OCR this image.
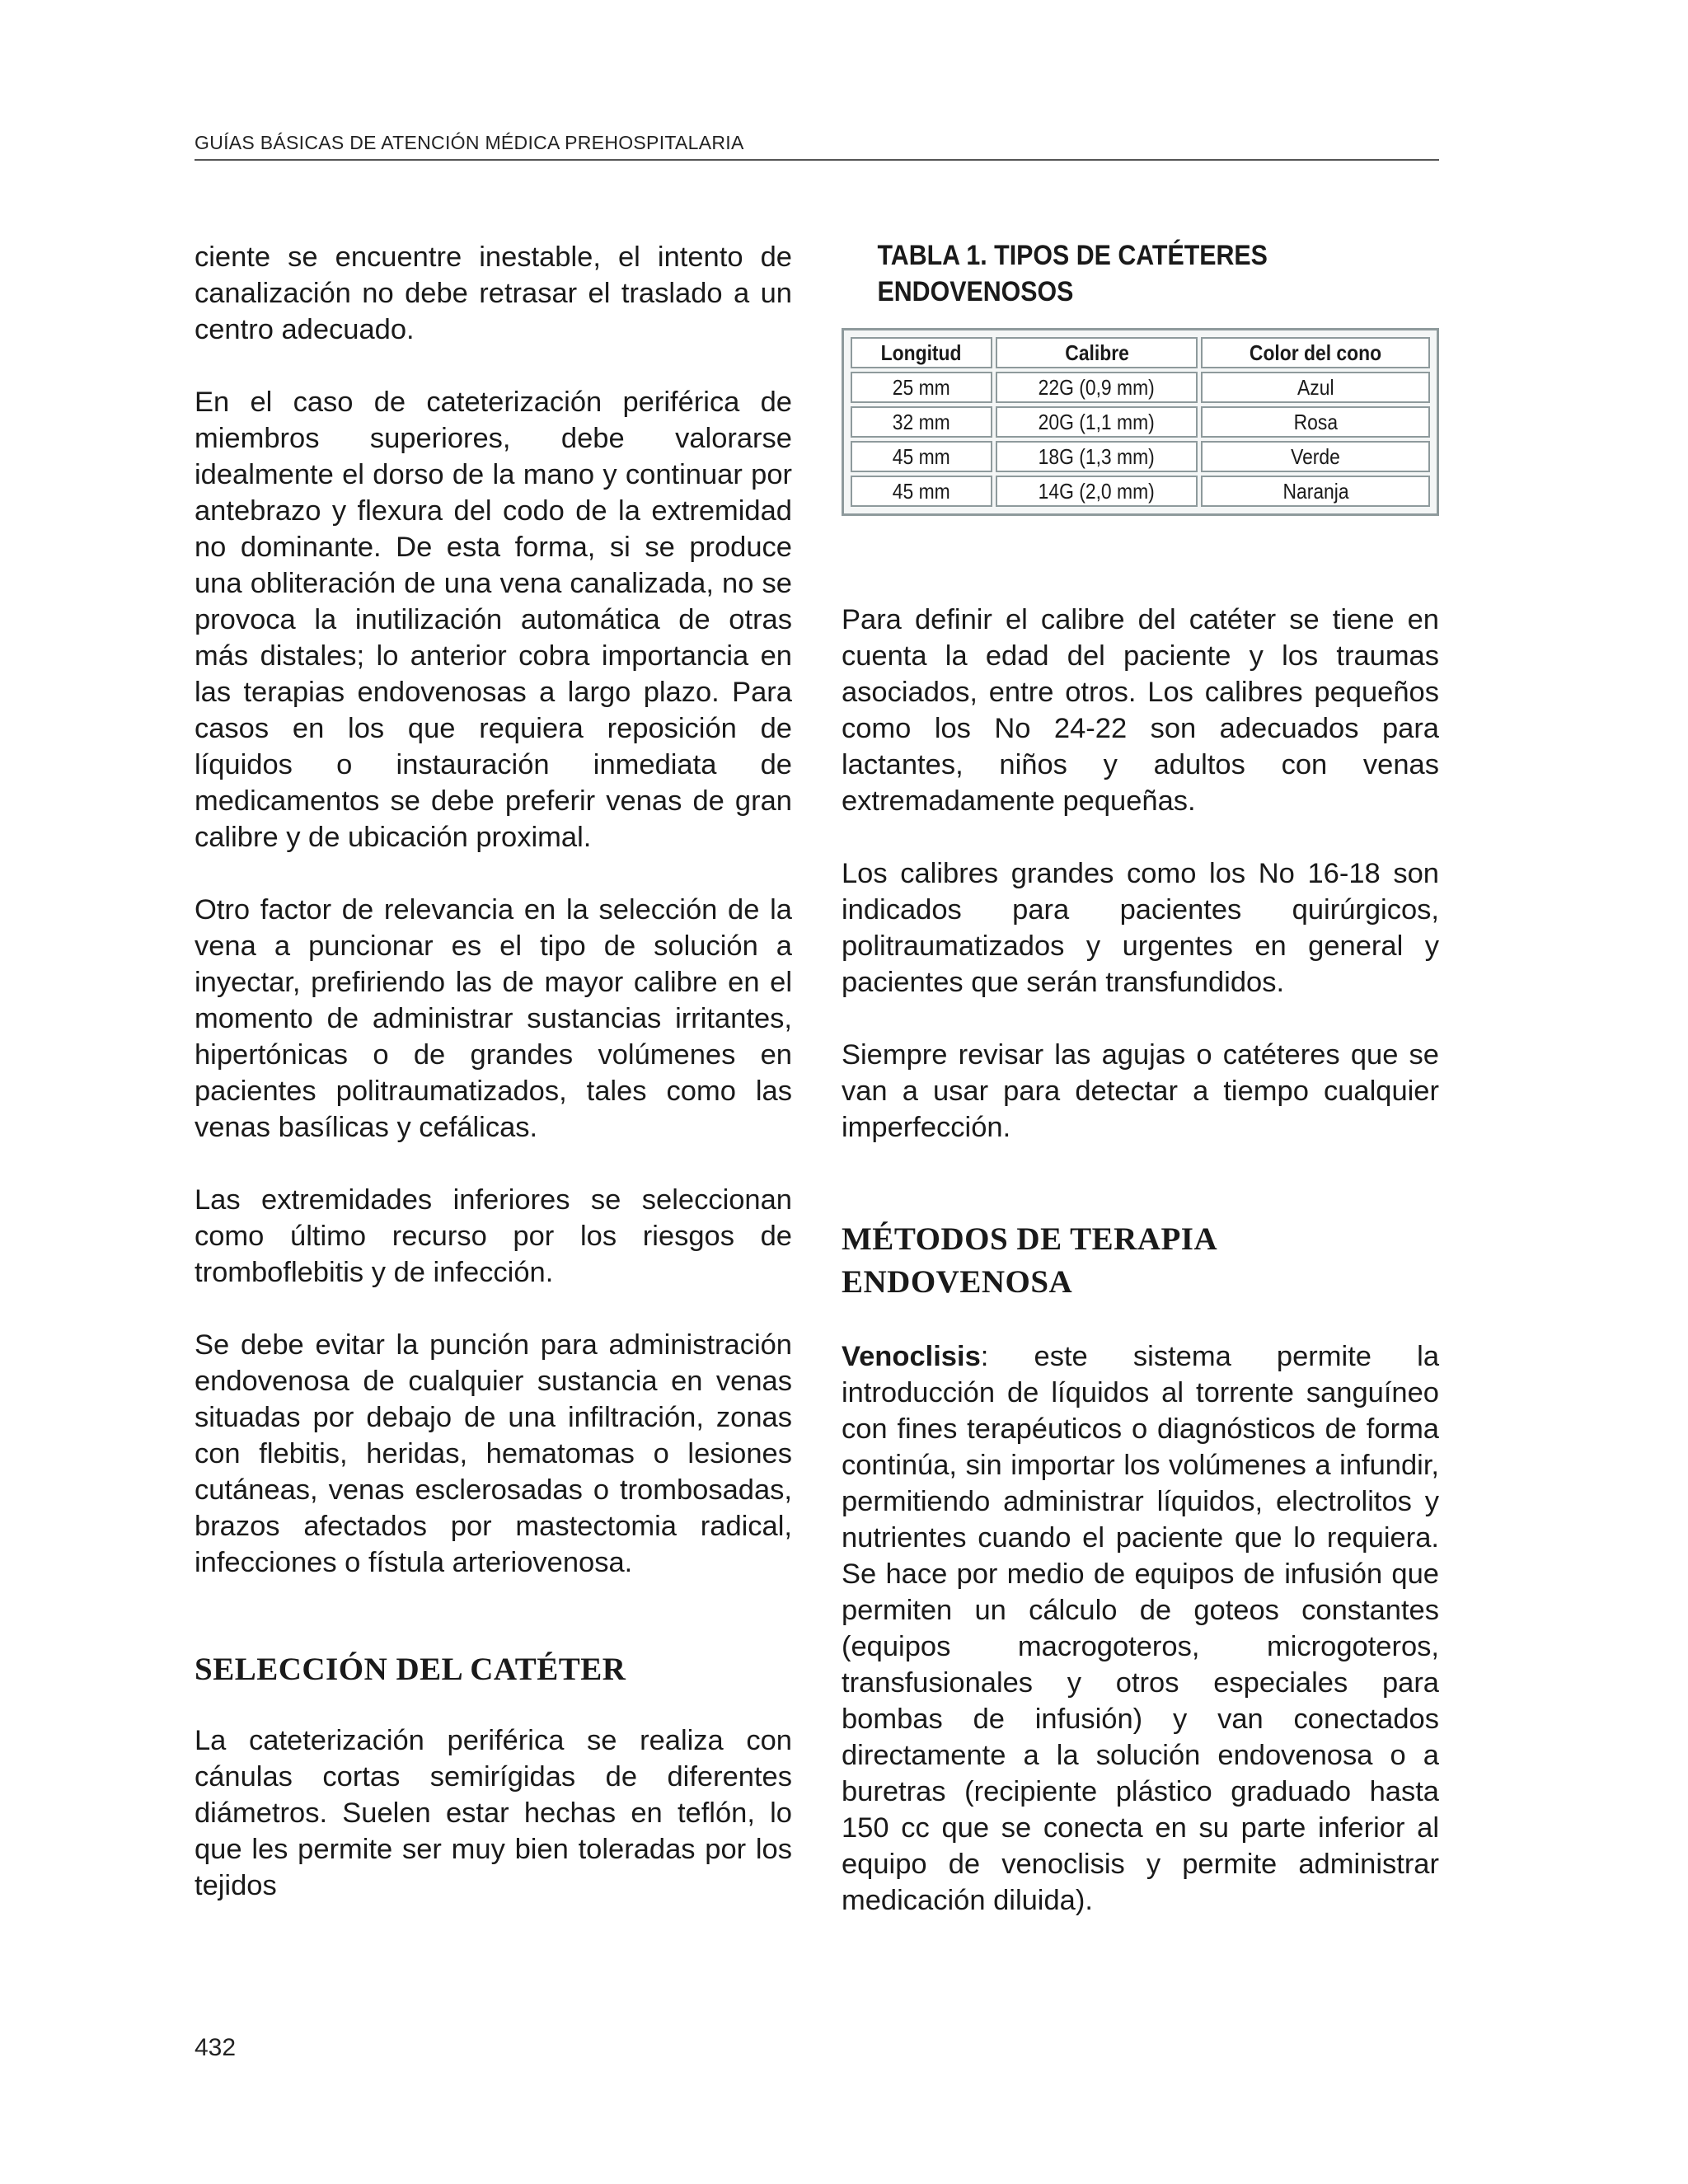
GUÍAS BÁSICAS DE ATENCIÓN MÉDICA PREHOSPITALARIA

ciente se encuentre inestable, el intento de canalización no debe retrasar el traslado a un centro adecuado.

En el caso de cateterización periférica de miembros superiores, debe valorarse idealmente el dorso de la mano y continuar por antebrazo y flexura del codo de la extremidad no dominante. De esta forma, si se produce una obliteración de una vena canalizada, no se provoca la inutilización automática de otras más distales; lo anterior cobra importancia en las terapias endovenosas a largo plazo. Para casos en los que requiera reposición de líquidos o instauración inmediata de medicamentos se debe preferir venas de gran calibre y de ubicación proximal.

Otro factor de relevancia en la selección de la vena a puncionar es el tipo de solución a inyectar, prefiriendo las de mayor calibre en el momento de administrar sustancias irritantes, hipertónicas o de grandes volúmenes en pacientes politraumatizados, tales como las venas basílicas y cefálicas.

Las extremidades inferiores se seleccionan como último recurso por los riesgos de tromboflebitis y de infección.

Se debe evitar la punción para administración endovenosa de cualquier sustancia en venas situadas por debajo de una infiltración, zonas con flebitis, heridas, hematomas o lesiones cutáneas, venas esclerosadas o trombosadas, brazos afectados por mastectomia radical, infecciones o fístula arteriovenosa.

SELECCIÓN DEL CATÉTER

La cateterización periférica se realiza con cánulas cortas semirígidas de diferentes diámetros. Suelen estar hechas en teflón, lo que les permite ser muy bien toleradas por los tejidos

TABLA 1. TIPOS DE CATÉTERES

ENDOVENOSOS

Longitud	Calibre	Color del cono
25 mm	22G (0,9 mm)	Azul
32 mm	20G (1,1 mm)	Rosa
45 mm	18G (1,3 mm)	Verde
45 mm	14G (2,0 mm)	Naranja

Para definir el calibre del catéter se tiene en cuenta la edad del paciente y los traumas asociados, entre otros. Los calibres pequeños como los No 24-22 son adecuados para lactantes, niños y adultos con venas extremadamente pequeñas.

Los calibres grandes como los No 16-18 son indicados para pacientes quirúrgicos, politraumatizados y urgentes en general y pacientes que serán transfundidos.

Siempre revisar las agujas o catéteres que se van a usar para detectar a tiempo cualquier imperfección.

MÉTODOS DE TERAPIA
ENDOVENOSA

Venoclisis: este sistema permite la introducción de líquidos al torrente sanguíneo con fines terapéuticos o diagnósticos de forma continúa, sin importar los volúmenes a infundir, permitiendo administrar líquidos, electrolitos y nutrientes cuando el paciente que lo requiera. Se hace por medio de equipos de infusión que permiten un cálculo de goteos constantes (equipos macrogoteros, microgoteros, transfusionales y otros especiales para bombas de infusión) y van conectados directamente a la solución endovenosa o a buretras (recipiente plástico graduado hasta 150 cc que se conecta en su parte inferior al equipo de venoclisis y permite administrar medicación diluida).

432
